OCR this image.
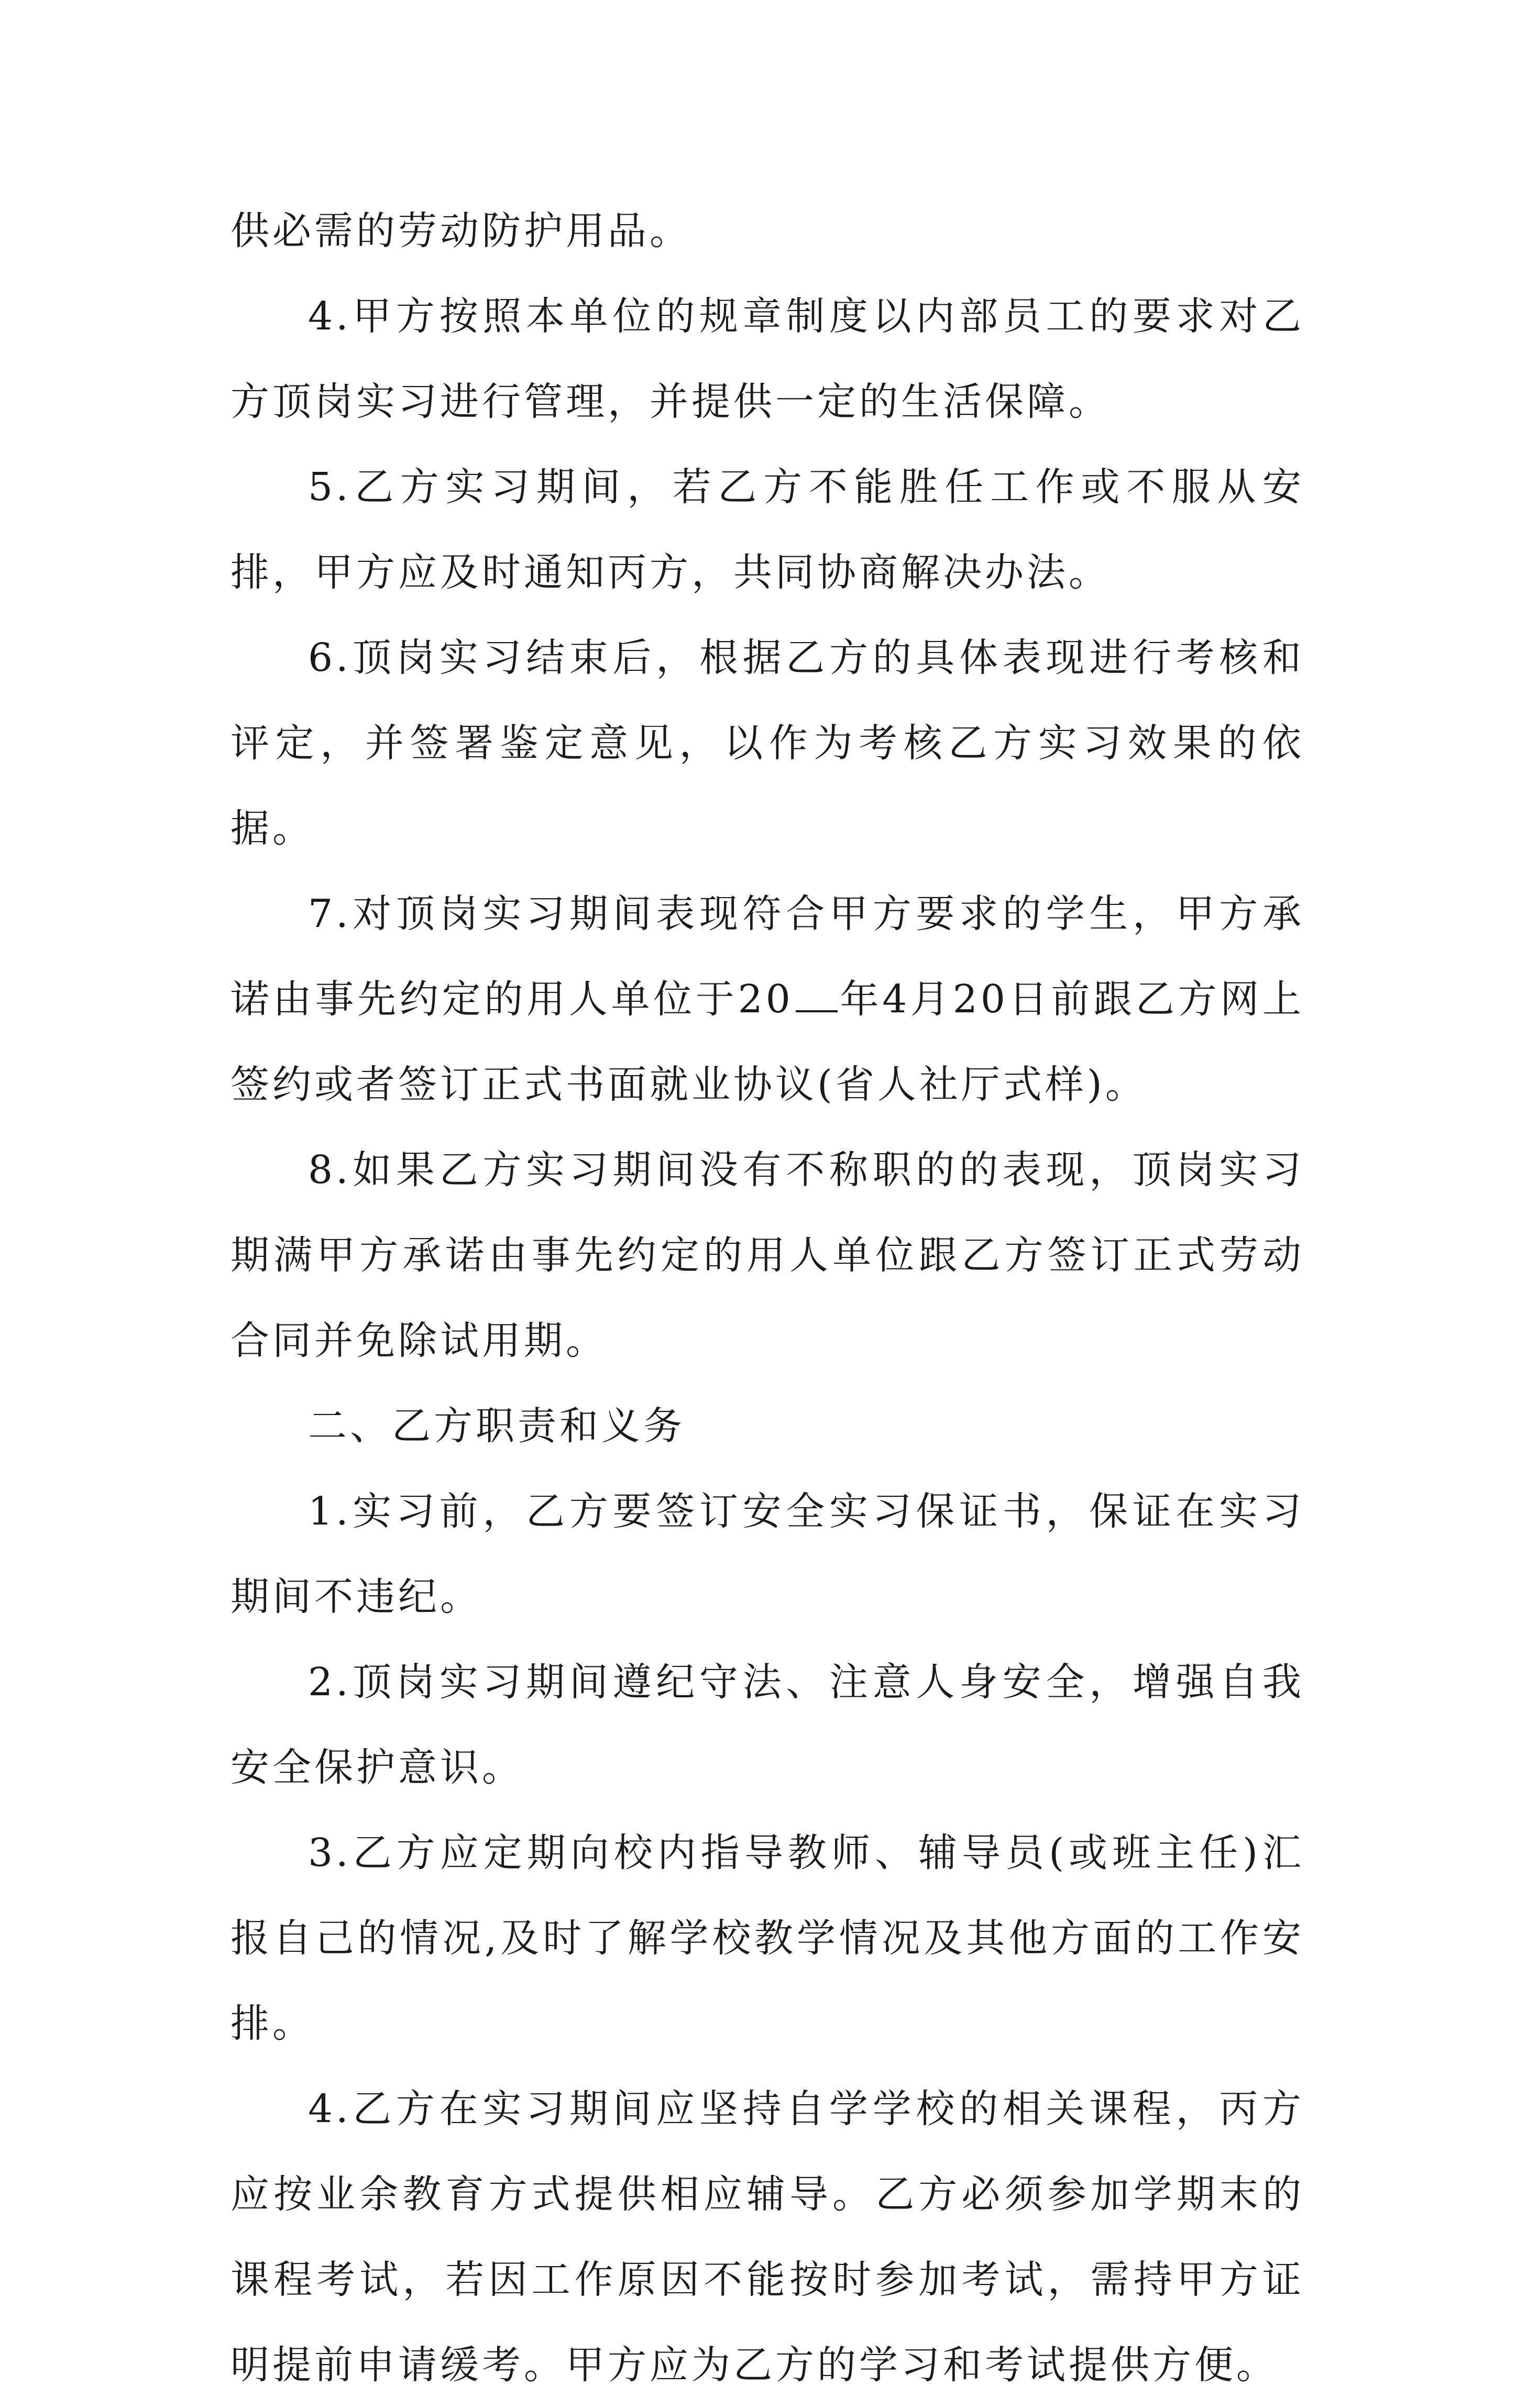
供必需的劳动防护用品。

4.甲方按照本单位的规章制度以内部员工的要求对乙方顶岗实习进行管理，并提供一定的生活保障。

5.乙方实习期间，若乙方不能胜任工作或不服从安排，甲方应及时通知丙方，共同协商解决办法。

6.顶岗实习结束后，根据乙方的具体表现进行考核和评定，并签署鉴定意见，以作为考核乙方实习效果的依据。

7.对顶岗实习期间表现符合甲方要求的学生，甲方承诺由事先约定的用人单位于20 年4月20日前跟乙方网上签约或者签订正式书面就业协议(省人社厅式样)。

8.如果乙方实习期间没有不称职的的表现，顶岗实习期满甲方承诺由事先约定的用人单位跟乙方签订正式劳动合同并免除试用期。

二、乙方职责和义务

1.实习前，乙方要签订安全实习保证书，保证在实习期间不违纪。

2.顶岗实习期间遵纪守法、注意人身安全，增强自我安全保护意识。

3.乙方应定期向校内指导教师、辅导员(或班主任)汇报自己的情况,及时了解学校教学情况及其他方面的工作安排。

4.乙方在实习期间应坚持自学学校的相关课程，丙方应按业余教育方式提供相应辅导。乙方必须参加学期末的课程考试，若因工作原因不能按时参加考试，需持甲方证明提前申请缓考。甲方应为乙方的学习和考试提供方便。
